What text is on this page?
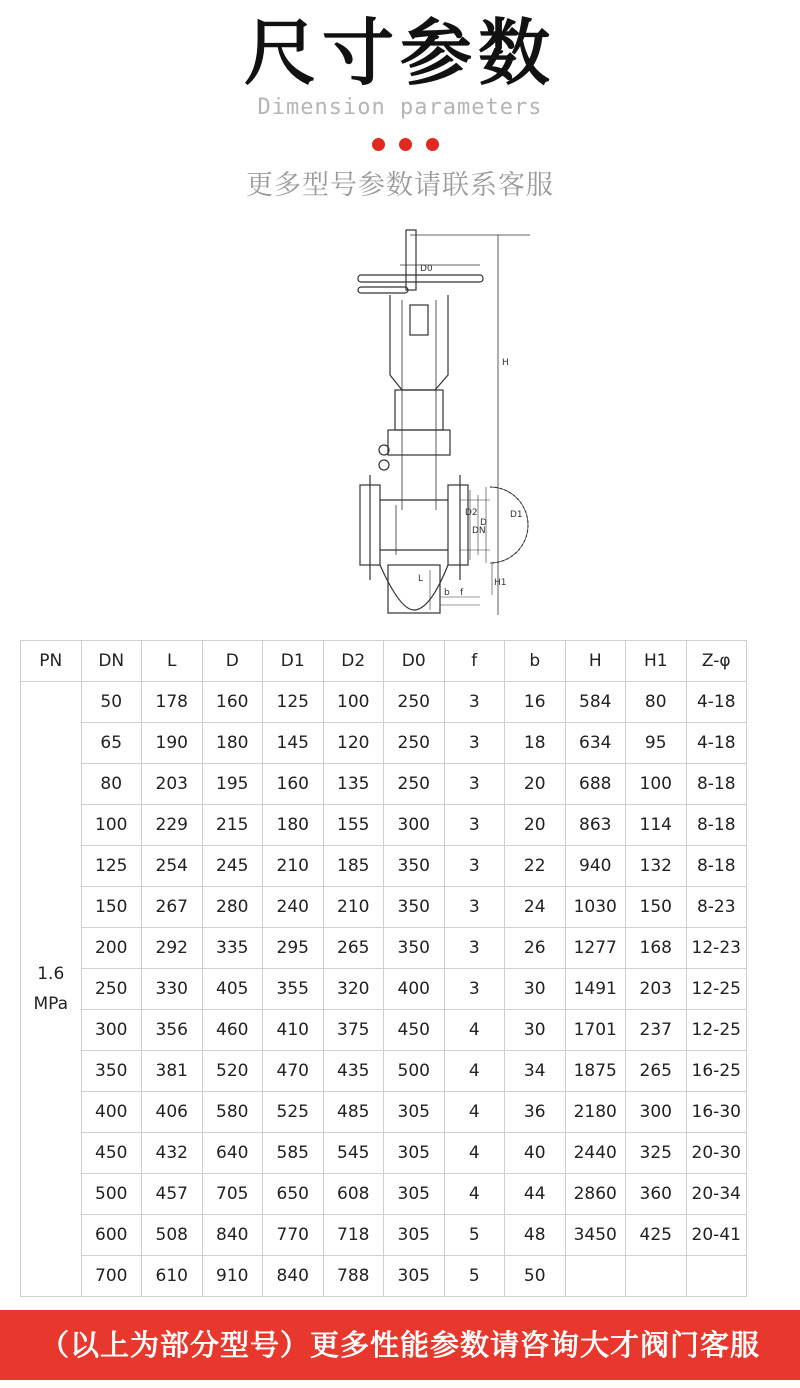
尺寸参数
Dimension parameters
更多型号参数请联系客服
D0
H
D1
D2
D
DN
L	H1
b f
PN	DN	L	D	D1	D2	D0	f	b	H	H1	Z-φ
1.6
MPa	50	178	160	125	100	250	3	16	584	80	4-18
	65	190	180	145	120	250	3	18	634	95	4-18
	80	203	195	160	135	250	3	20	688	100	8-18
	100	229	215	180	155	300	3	20	863	114	8-18
	125	254	245	210	185	350	3	22	940	132	8-18
	150	267	280	240	210	350	3	24	1030	150	8-23
	200	292	335	295	265	350	3	26	1277	168	12-23
	250	330	405	355	320	400	3	30	1491	203	12-25
	300	356	460	410	375	450	4	30	1701	237	12-25
	350	381	520	470	435	500	4	34	1875	265	16-25
	400	406	580	525	485	305	4	36	2180	300	16-30
	450	432	640	585	545	305	4	40	2440	325	20-30
	500	457	705	650	608	305	4	44	2860	360	20-34
	600	508	840	770	718	305	5	48	3450	425	20-41
	700	610	910	840	788	305	5	50			
（以上为部分型号）更多性能参数请咨询大才阀门客服
